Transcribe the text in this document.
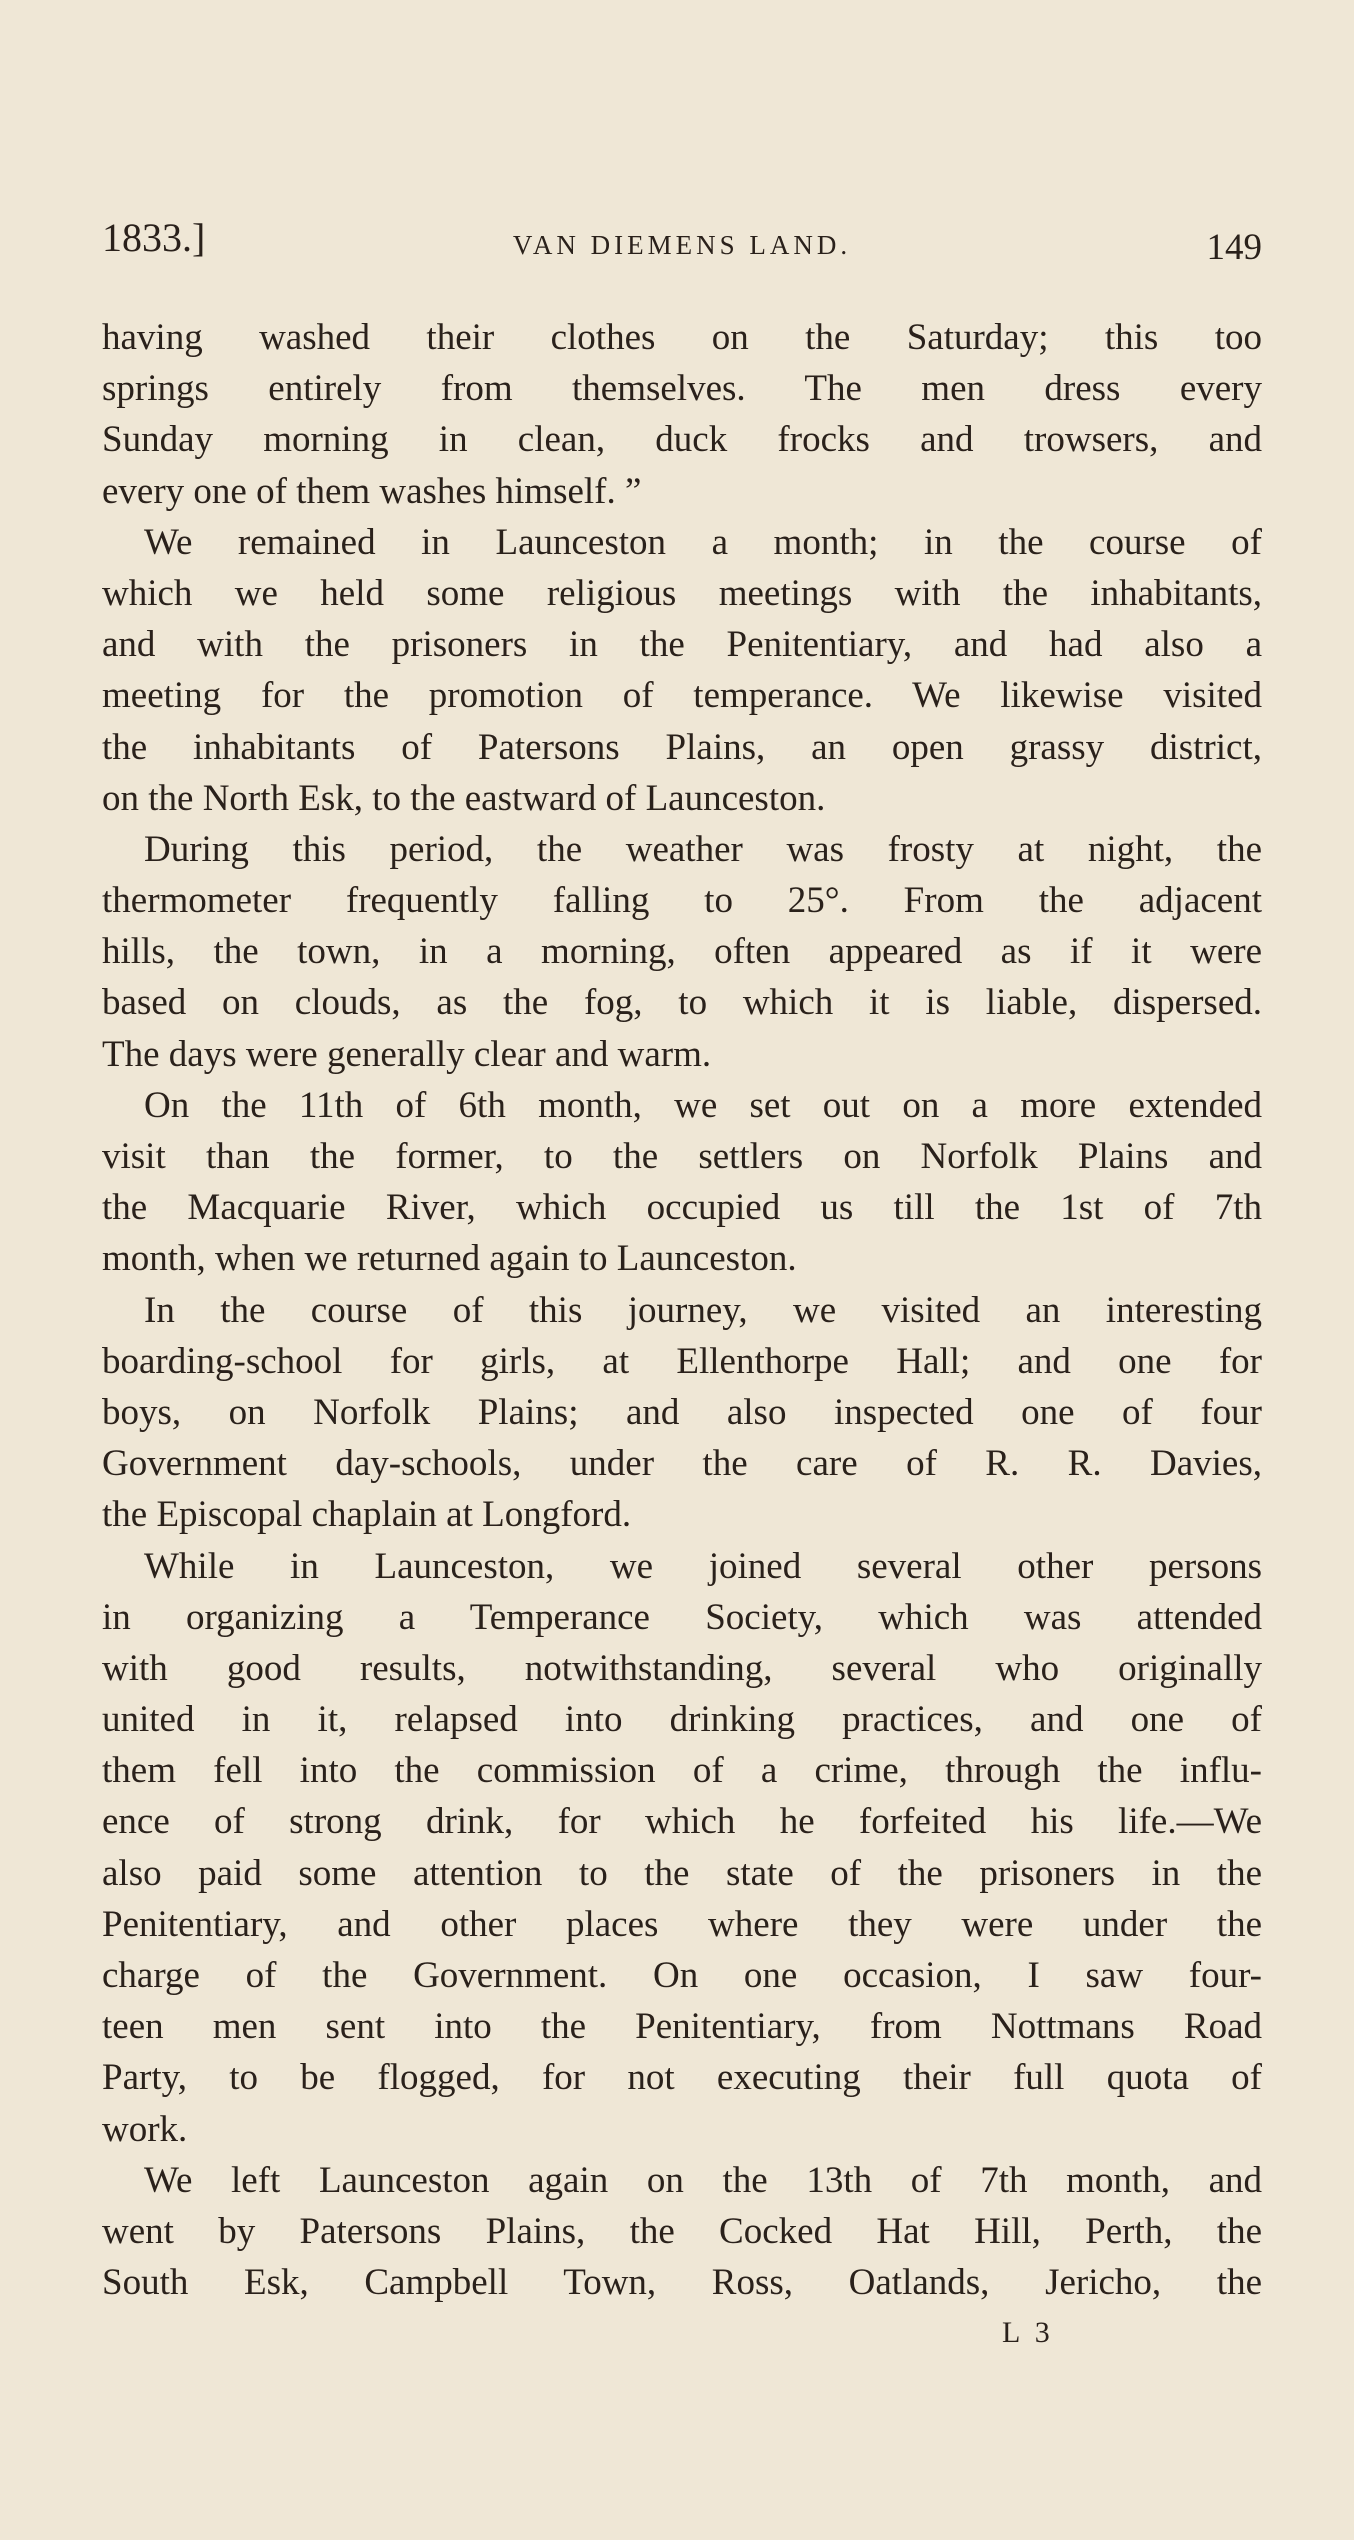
1833.]	VAN DIEMENS LAND.	149
having washed their clothes on the Saturday; this too
springs entirely from themselves. The men dress every
Sunday morning in clean, duck frocks and trowsers, and
every one of them washes himself. ”
We remained in Launceston a month; in the course of
which we held some religious meetings with the inhabitants,
and with the prisoners in the Penitentiary, and had also a
meeting for the promotion of temperance. We likewise visited
the inhabitants of Patersons Plains, an open grassy district,
on the North Esk, to the eastward of Launceston.
During this period, the weather was frosty at night, the
thermometer frequently falling to 25°. From the adjacent
hills, the town, in a morning, often appeared as if it were
based on clouds, as the fog, to which it is liable, dispersed.
The days were generally clear and warm.
On the 11th of 6th month, we set out on a more extended
visit than the former, to the settlers on Norfolk Plains and
the Macquarie River, which occupied us till the 1st of 7th
month, when we returned again to Launceston.
In the course of this journey, we visited an interesting
boarding-school for girls, at Ellenthorpe Hall; and one for
boys, on Norfolk Plains; and also inspected one of four
Government day-schools, under the care of R. R. Davies,
the Episcopal chaplain at Longford.
While in Launceston, we joined several other persons
in organizing a Temperance Society, which was attended
with good results, notwithstanding, several who originally
united in it, relapsed into drinking practices, and one of
them fell into the commission of a crime, through the influ-
ence of strong drink, for which he forfeited his life.—We
also paid some attention to the state of the prisoners in the
Penitentiary, and other places where they were under the
charge of the Government. On one occasion, I saw four-
teen men sent into the Penitentiary, from Nottmans Road
Party, to be flogged, for not executing their full quota of
work.
We left Launceston again on the 13th of 7th month, and
went by Patersons Plains, the Cocked Hat Hill, Perth, the
South Esk, Campbell Town, Ross, Oatlands, Jericho, the
L 3
